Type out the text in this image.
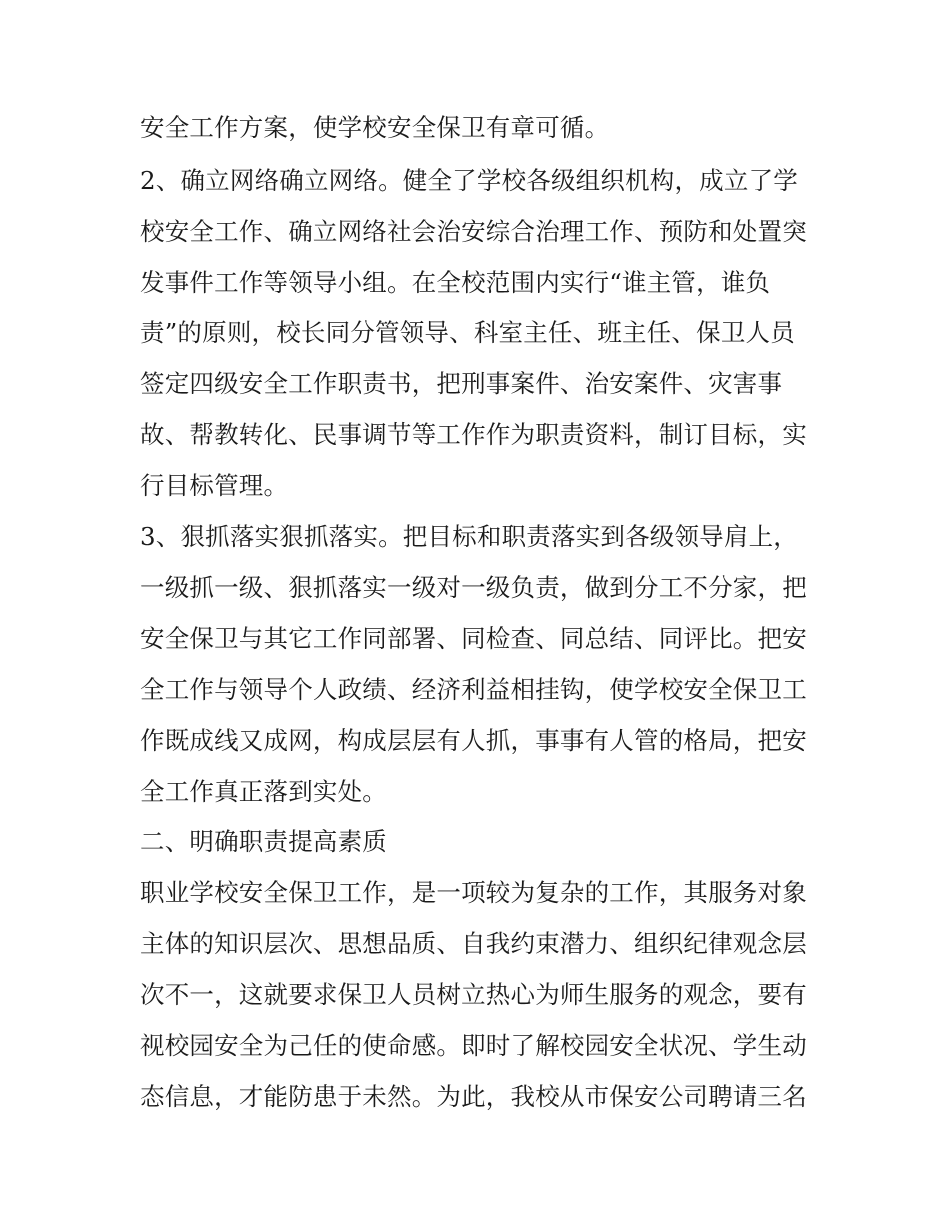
安全工作方案，使学校安全保卫有章可循。
2、确立网络确立网络。健全了学校各级组织机构，成立了学
校安全工作、确立网络社会治安综合治理工作、预防和处置突
发事件工作等领导小组。在全校范围内实行“谁主管，谁负
责”的原则，校长同分管领导、科室主任、班主任、保卫人员
签定四级安全工作职责书，把刑事案件、治安案件、灾害事
故、帮教转化、民事调节等工作作为职责资料，制订目标，实
行目标管理。
3、狠抓落实狠抓落实。把目标和职责落实到各级领导肩上，
一级抓一级、狠抓落实一级对一级负责，做到分工不分家，把
安全保卫与其它工作同部署、同检查、同总结、同评比。把安
全工作与领导个人政绩、经济利益相挂钩，使学校安全保卫工
作既成线又成网，构成层层有人抓，事事有人管的格局，把安
全工作真正落到实处。
二、明确职责提高素质
职业学校安全保卫工作，是一项较为复杂的工作，其服务对象
主体的知识层次、思想品质、自我约束潜力、组织纪律观念层
次不一，这就要求保卫人员树立热心为师生服务的观念，要有
视校园安全为己任的使命感。即时了解校园安全状况、学生动
态信息，才能防患于未然。为此，我校从市保安公司聘请三名
